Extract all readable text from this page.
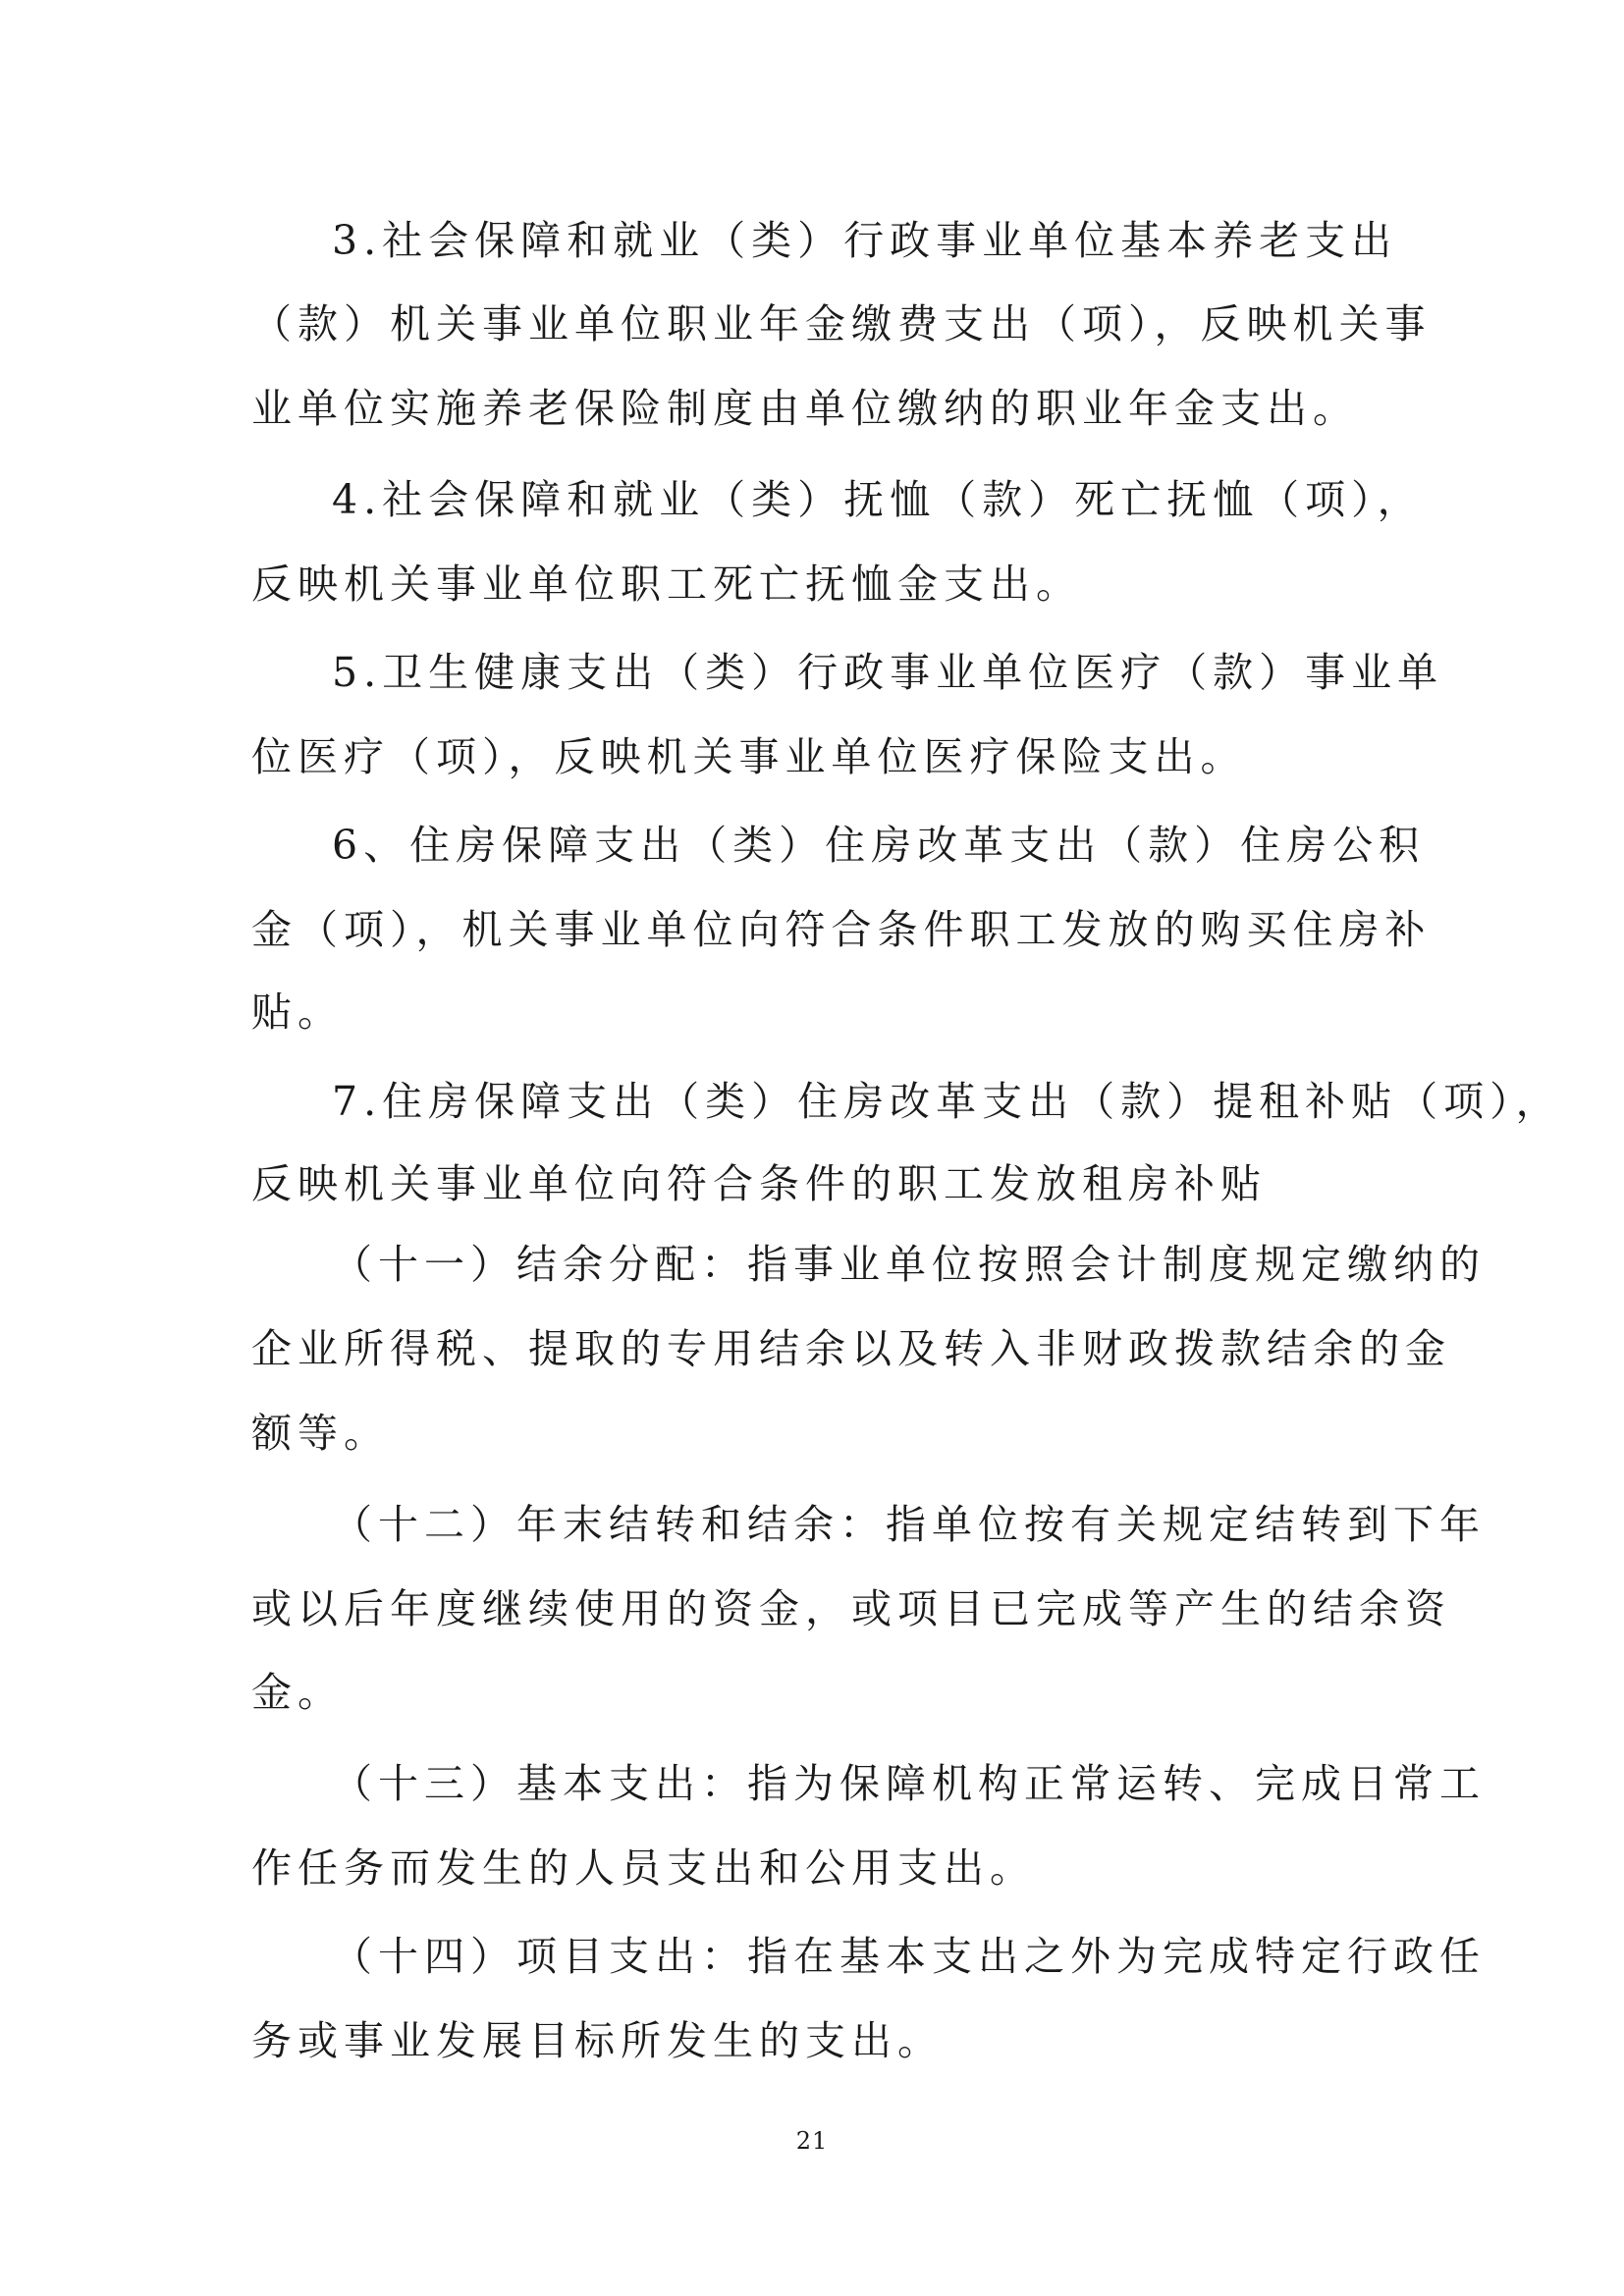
3.社会保障和就业（类）行政事业单位基本养老支出
（款）机关事业单位职业年金缴费支出（项），反映机关事
业单位实施养老保险制度由单位缴纳的职业年金支出。
4.社会保障和就业（类）抚恤（款）死亡抚恤（项），
反映机关事业单位职工死亡抚恤金支出。
5.卫生健康支出（类）行政事业单位医疗（款）事业单
位医疗（项），反映机关事业单位医疗保险支出。
6、住房保障支出（类）住房改革支出（款）住房公积
金（项），机关事业单位向符合条件职工发放的购买住房补
贴。
7.住房保障支出（类）住房改革支出（款）提租补贴（项），
反映机关事业单位向符合条件的职工发放租房补贴
（十一）结余分配：指事业单位按照会计制度规定缴纳的
企业所得税、提取的专用结余以及转入非财政拨款结余的金
额等。
（十二）年末结转和结余：指单位按有关规定结转到下年
或以后年度继续使用的资金，或项目已完成等产生的结余资
金。
（十三）基本支出：指为保障机构正常运转、完成日常工
作任务而发生的人员支出和公用支出。
（十四）项目支出：指在基本支出之外为完成特定行政任
务或事业发展目标所发生的支出。
21
